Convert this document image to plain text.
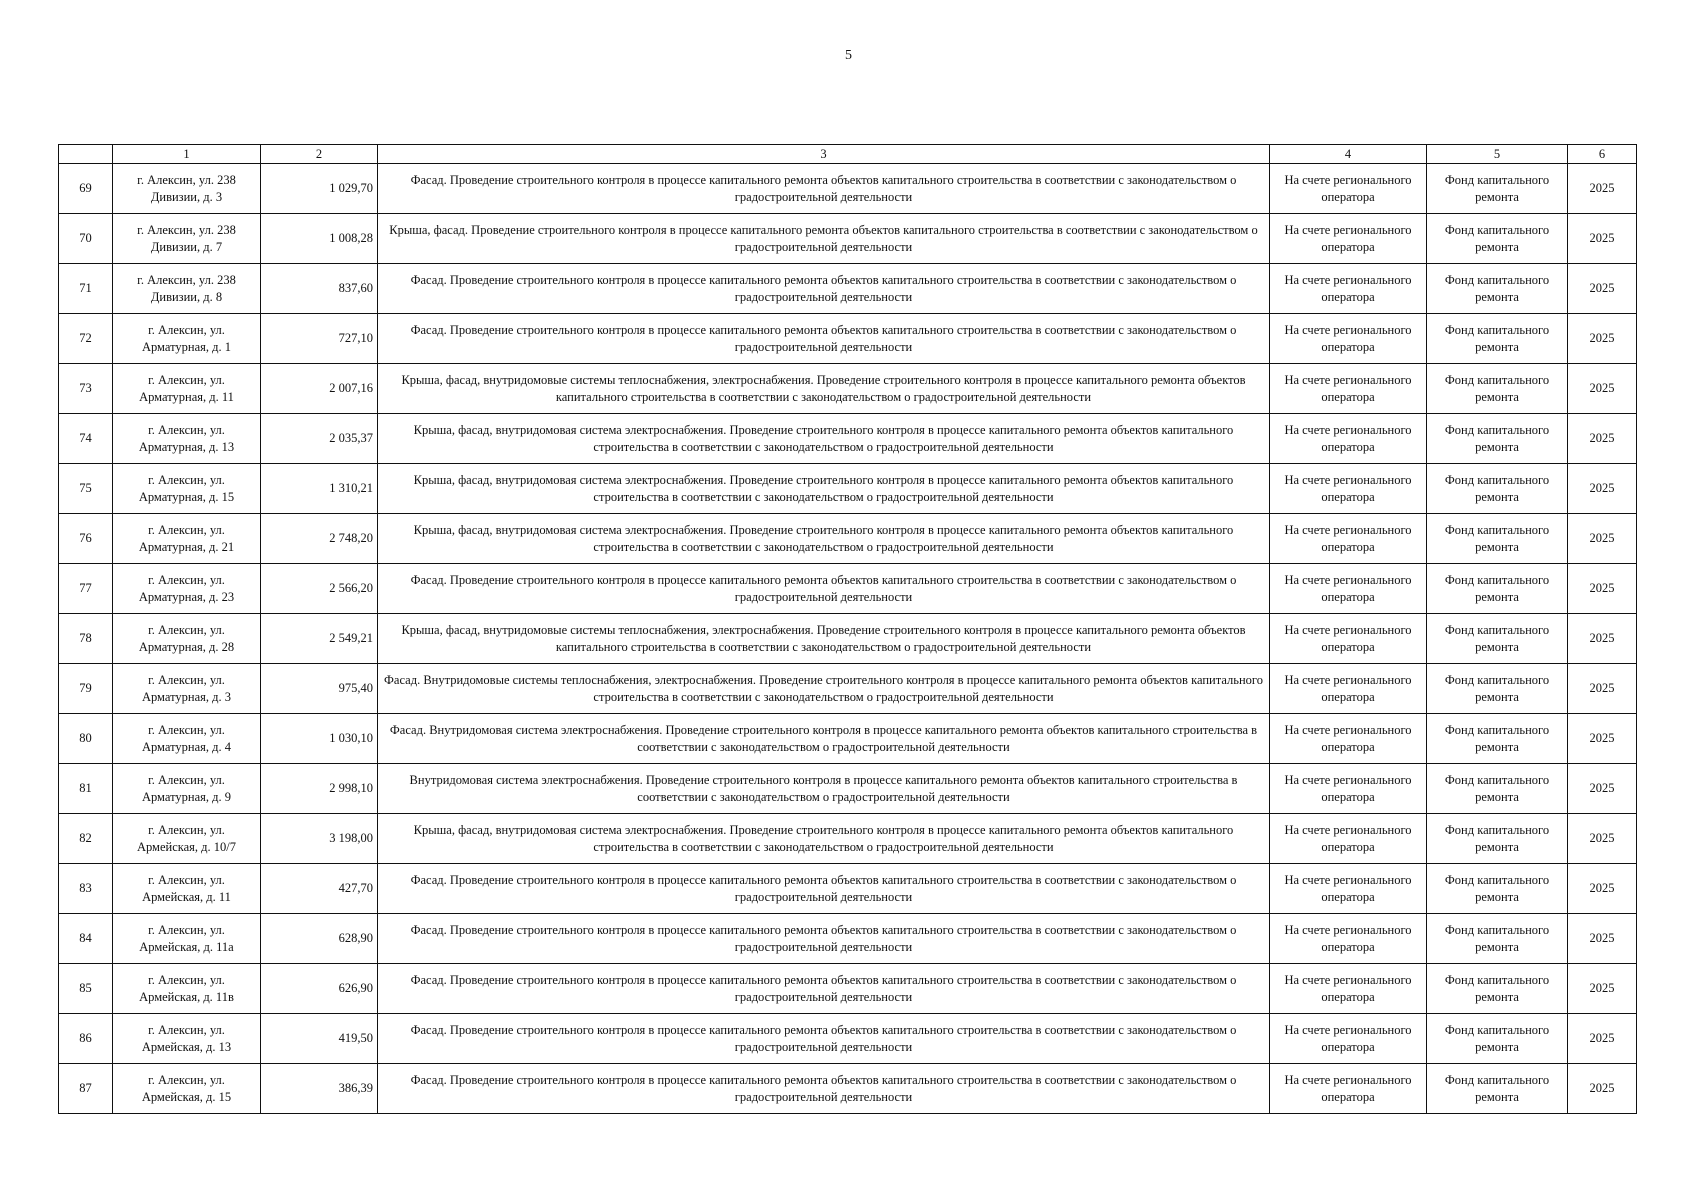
5
	1	2	3	4	5	6
69	г. Алексин, ул. 238 Дивизии, д. 3	1 029,70	Фасад. Проведение строительного контроля в процессе капитального ремонта объектов капитального строительства в соответствии с законодательством о градостроительной деятельности	На счете регионального оператора	Фонд капитального ремонта	2025
70	г. Алексин, ул. 238 Дивизии, д. 7	1 008,28	Крыша, фасад. Проведение строительного контроля в процессе капитального ремонта объектов капитального строительства в соответствии с законодательством о градостроительной деятельности	На счете регионального оператора	Фонд капитального ремонта	2025
71	г. Алексин, ул. 238 Дивизии, д. 8	837,60	Фасад. Проведение строительного контроля в процессе капитального ремонта объектов капитального строительства в соответствии с законодательством о градостроительной деятельности	На счете регионального оператора	Фонд капитального ремонта	2025
72	г. Алексин, ул. Арматурная, д. 1	727,10	Фасад. Проведение строительного контроля в процессе капитального ремонта объектов капитального строительства в соответствии с законодательством о градостроительной деятельности	На счете регионального оператора	Фонд капитального ремонта	2025
73	г. Алексин, ул. Арматурная, д. 11	2 007,16	Крыша, фасад, внутридомовые системы теплоснабжения, электроснабжения. Проведение строительного контроля в процессе капитального ремонта объектов капитального строительства в соответствии с законодательством о градостроительной деятельности	На счете регионального оператора	Фонд капитального ремонта	2025
74	г. Алексин, ул. Арматурная, д. 13	2 035,37	Крыша, фасад, внутридомовая система электроснабжения. Проведение строительного контроля в процессе капитального ремонта объектов капитального строительства в соответствии с законодательством о градостроительной деятельности	На счете регионального оператора	Фонд капитального ремонта	2025
75	г. Алексин, ул. Арматурная, д. 15	1 310,21	Крыша, фасад, внутридомовая система электроснабжения. Проведение строительного контроля в процессе капитального ремонта объектов капитального строительства в соответствии с законодательством о градостроительной деятельности	На счете регионального оператора	Фонд капитального ремонта	2025
76	г. Алексин, ул. Арматурная, д. 21	2 748,20	Крыша, фасад, внутридомовая система электроснабжения. Проведение строительного контроля в процессе капитального ремонта объектов капитального строительства в соответствии с законодательством о градостроительной деятельности	На счете регионального оператора	Фонд капитального ремонта	2025
77	г. Алексин, ул. Арматурная, д. 23	2 566,20	Фасад. Проведение строительного контроля в процессе капитального ремонта объектов капитального строительства в соответствии с законодательством о градостроительной деятельности	На счете регионального оператора	Фонд капитального ремонта	2025
78	г. Алексин, ул. Арматурная, д. 28	2 549,21	Крыша, фасад, внутридомовые системы теплоснабжения, электроснабжения. Проведение строительного контроля в процессе капитального ремонта объектов капитального строительства в соответствии с законодательством о градостроительной деятельности	На счете регионального оператора	Фонд капитального ремонта	2025
79	г. Алексин, ул. Арматурная, д. 3	975,40	Фасад. Внутридомовые системы теплоснабжения, электроснабжения. Проведение строительного контроля в процессе капитального ремонта объектов капитального строительства в соответствии с законодательством о градостроительной деятельности	На счете регионального оператора	Фонд капитального ремонта	2025
80	г. Алексин, ул. Арматурная, д. 4	1 030,10	Фасад. Внутридомовая система электроснабжения. Проведение строительного контроля в процессе капитального ремонта объектов капитального строительства в соответствии с законодательством о градостроительной деятельности	На счете регионального оператора	Фонд капитального ремонта	2025
81	г. Алексин, ул. Арматурная, д. 9	2 998,10	Внутридомовая система электроснабжения. Проведение строительного контроля в процессе капитального ремонта объектов капитального строительства в соответствии с законодательством о градостроительной деятельности	На счете регионального оператора	Фонд капитального ремонта	2025
82	г. Алексин, ул. Армейская, д. 10/7	3 198,00	Крыша, фасад, внутридомовая система электроснабжения. Проведение строительного контроля в процессе капитального ремонта объектов капитального строительства в соответствии с законодательством о градостроительной деятельности	На счете регионального оператора	Фонд капитального ремонта	2025
83	г. Алексин, ул. Армейская, д. 11	427,70	Фасад. Проведение строительного контроля в процессе капитального ремонта объектов капитального строительства в соответствии с законодательством о градостроительной деятельности	На счете регионального оператора	Фонд капитального ремонта	2025
84	г. Алексин, ул. Армейская, д. 11а	628,90	Фасад. Проведение строительного контроля в процессе капитального ремонта объектов капитального строительства в соответствии с законодательством о градостроительной деятельности	На счете регионального оператора	Фонд капитального ремонта	2025
85	г. Алексин, ул. Армейская, д. 11в	626,90	Фасад. Проведение строительного контроля в процессе капитального ремонта объектов капитального строительства в соответствии с законодательством о градостроительной деятельности	На счете регионального оператора	Фонд капитального ремонта	2025
86	г. Алексин, ул. Армейская, д. 13	419,50	Фасад. Проведение строительного контроля в процессе капитального ремонта объектов капитального строительства в соответствии с законодательством о градостроительной деятельности	На счете регионального оператора	Фонд капитального ремонта	2025
87	г. Алексин, ул. Армейская, д. 15	386,39	Фасад. Проведение строительного контроля в процессе капитального ремонта объектов капитального строительства в соответствии с законодательством о градостроительной деятельности	На счете регионального оператора	Фонд капитального ремонта	2025
